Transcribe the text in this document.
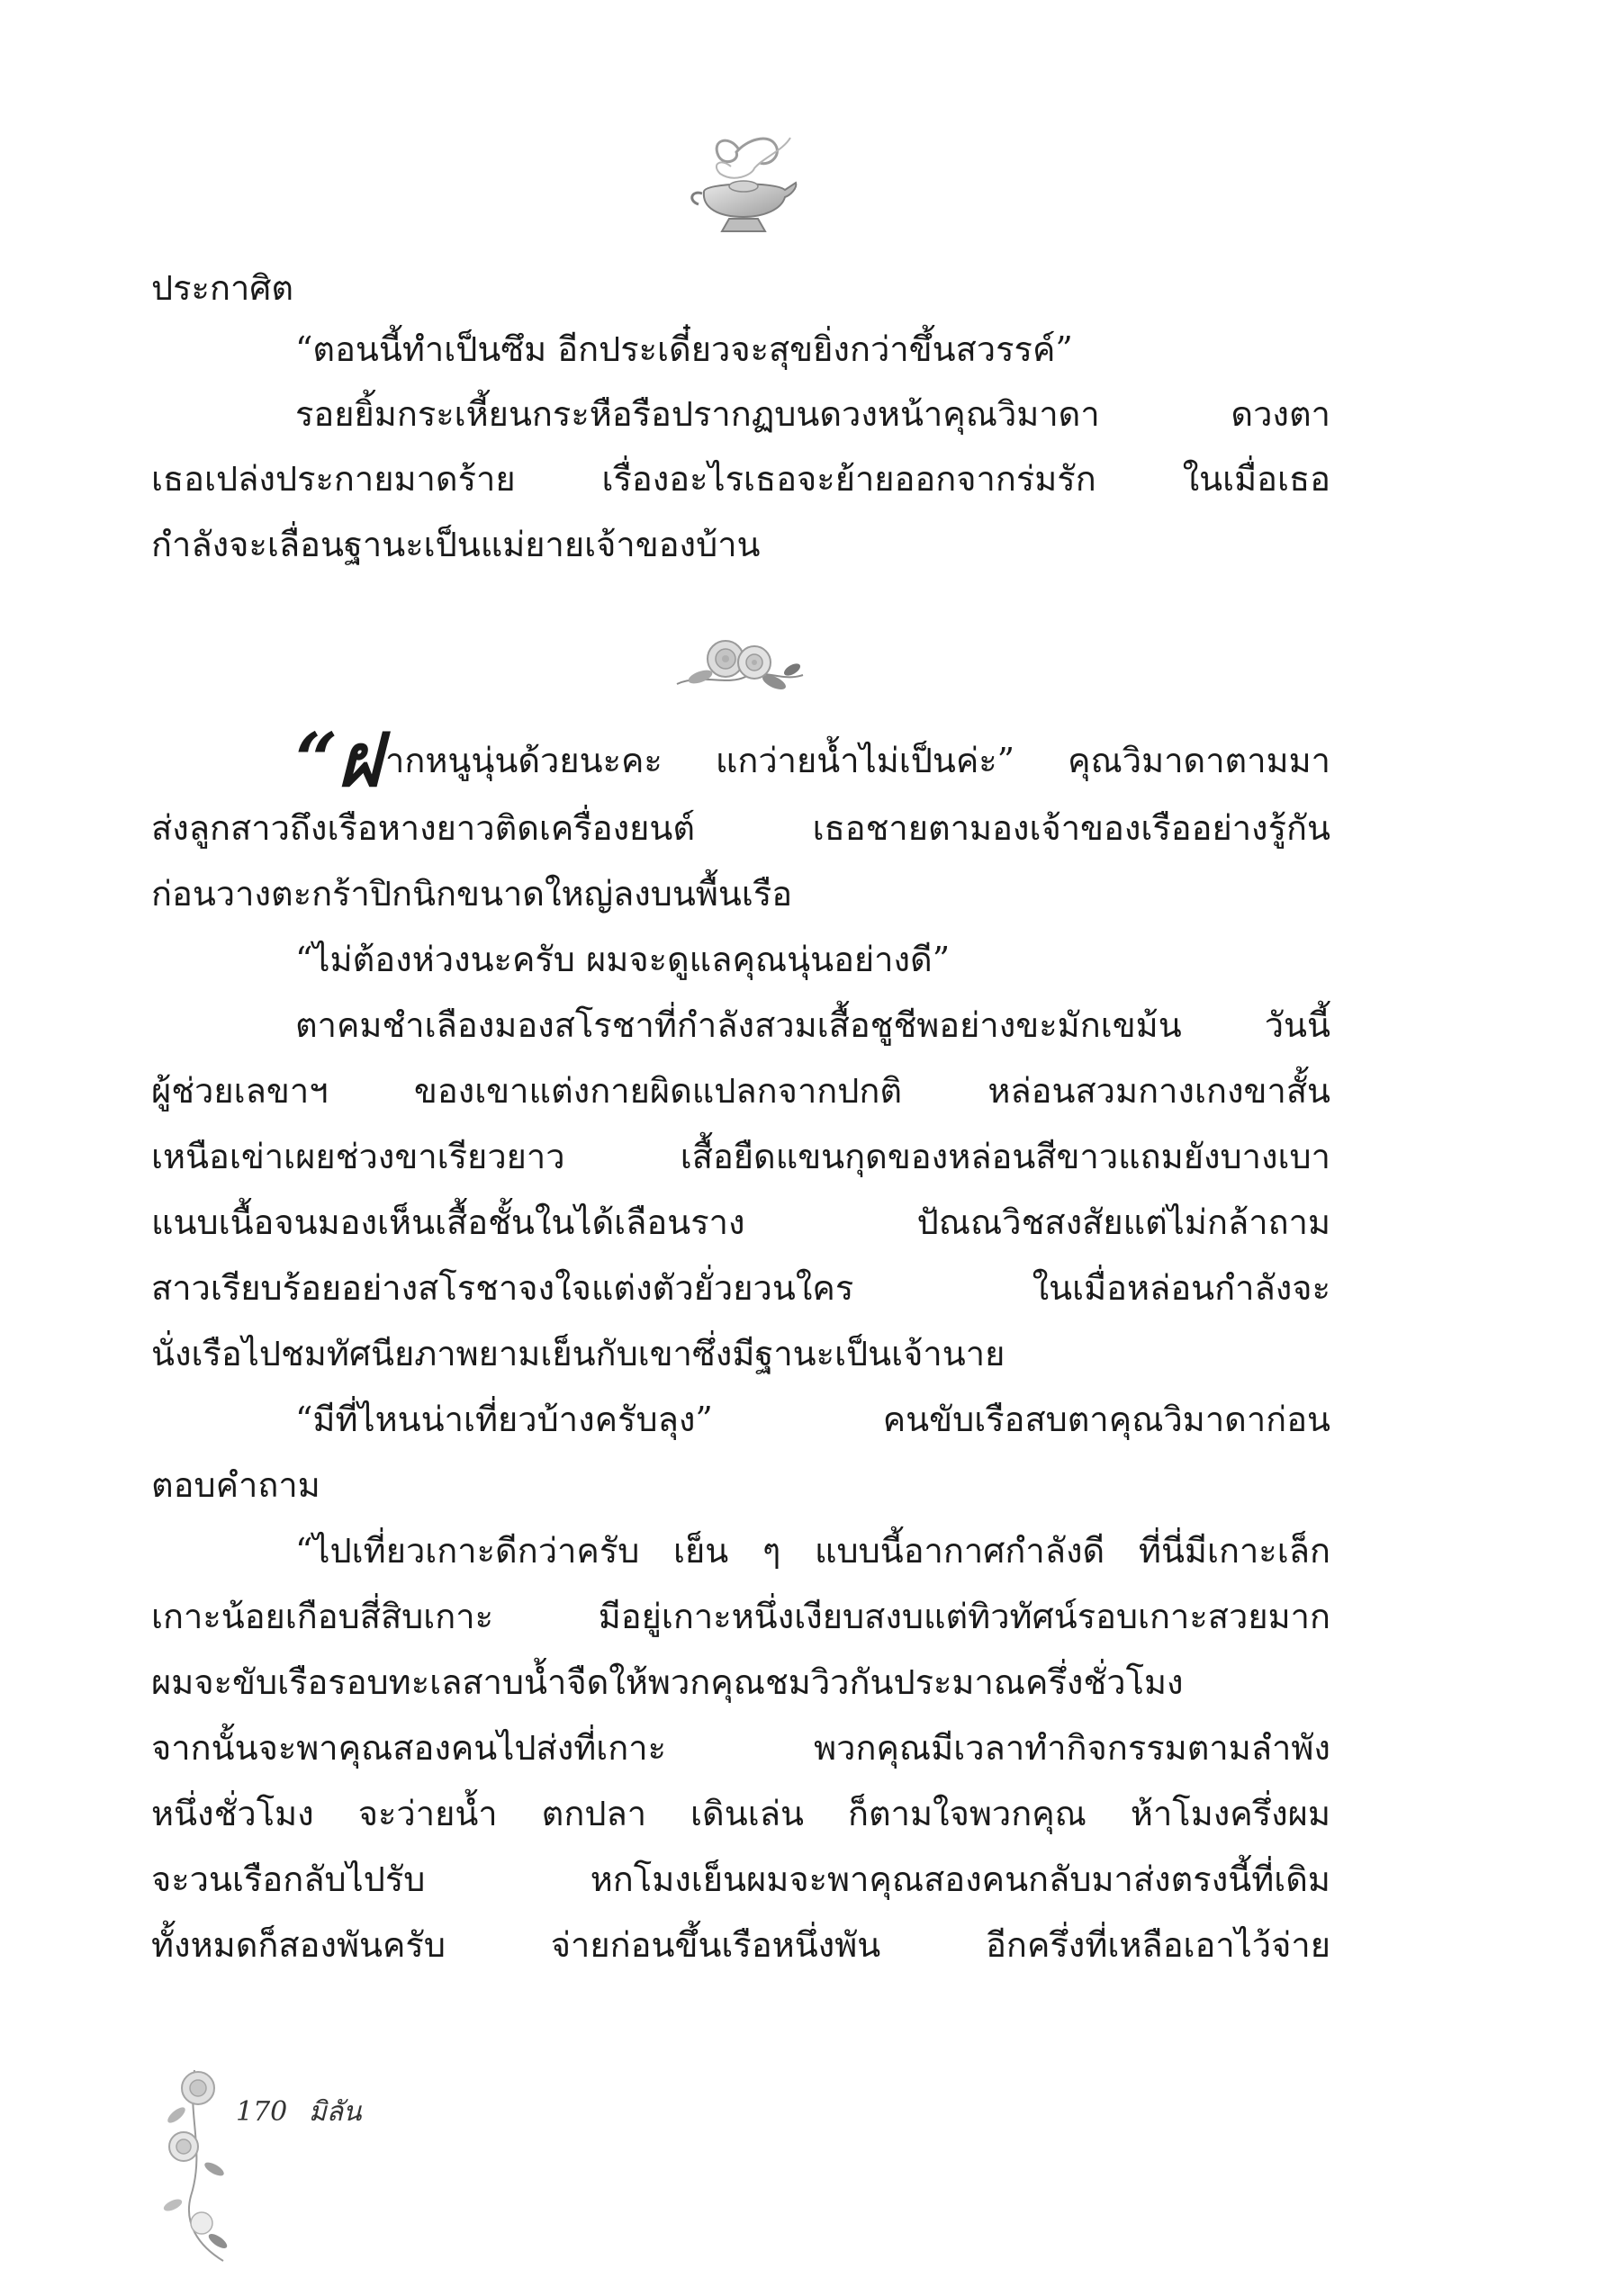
ประกาศิต
“ตอนนี้ทำเป็นซึม อีกประเดี๋ยวจะสุขยิ่งกว่าขึ้นสวรรค์”
รอยยิ้มกระเหี้ยนกระหือรือปรากฏบนดวงหน้าคุณวิมาดา ดวงตา
เธอเปล่งประกายมาดร้าย เรื่องอะไรเธอจะย้ายออกจากร่มรัก ในเมื่อเธอ
กำลังจะเลื่อนฐานะเป็นแม่ยายเจ้าของบ้าน
“ฝ ากหนูนุ่นด้วยนะคะ แกว่ายน้ำไม่เป็นค่ะ” คุณวิมาดาตามมา
ส่งลูกสาวถึงเรือหางยาวติดเครื่องยนต์ เธอชายตามองเจ้าของเรืออย่างรู้กัน
ก่อนวางตะกร้าปิกนิกขนาดใหญ่ลงบนพื้นเรือ
“ไม่ต้องห่วงนะครับ ผมจะดูแลคุณนุ่นอย่างดี”
ตาคมชำเลืองมองสโรชาที่กำลังสวมเสื้อชูชีพอย่างขะมักเขม้น วันนี้
ผู้ช่วยเลขาฯ ของเขาแต่งกายผิดแปลกจากปกติ หล่อนสวมกางเกงขาสั้น
เหนือเข่าเผยช่วงขาเรียวยาว เสื้อยืดแขนกุดของหล่อนสีขาวแถมยังบางเบา
แนบเนื้อจนมองเห็นเสื้อชั้นในได้เลือนราง ปัณณวิชสงสัยแต่ไม่กล้าถาม
สาวเรียบร้อยอย่างสโรชาจงใจแต่งตัวยั่วยวนใคร ในเมื่อหล่อนกำลังจะ
นั่งเรือไปชมทัศนียภาพยามเย็นกับเขาซึ่งมีฐานะเป็นเจ้านาย
“มีที่ไหนน่าเที่ยวบ้างครับลุง” คนขับเรือสบตาคุณวิมาดาก่อน
ตอบคำถาม
“ไปเที่ยวเกาะดีกว่าครับ เย็น ๆ แบบนี้อากาศกำลังดี ที่นี่มีเกาะเล็ก
เกาะน้อยเกือบสี่สิบเกาะ มีอยู่เกาะหนึ่งเงียบสงบแต่ทิวทัศน์รอบเกาะสวยมาก
ผมจะขับเรือรอบทะเลสาบน้ำจืดให้พวกคุณชมวิวกันประมาณครึ่งชั่วโมง
จากนั้นจะพาคุณสองคนไปส่งที่เกาะ พวกคุณมีเวลาทำกิจกรรมตามลำพัง
หนึ่งชั่วโมง จะว่ายน้ำ ตกปลา เดินเล่น ก็ตามใจพวกคุณ ห้าโมงครึ่งผม
จะวนเรือกลับไปรับ หกโมงเย็นผมจะพาคุณสองคนกลับมาส่งตรงนี้ที่เดิม
ทั้งหมดก็สองพันครับ จ่ายก่อนขึ้นเรือหนึ่งพัน อีกครึ่งที่เหลือเอาไว้จ่าย
170 มิลัน
